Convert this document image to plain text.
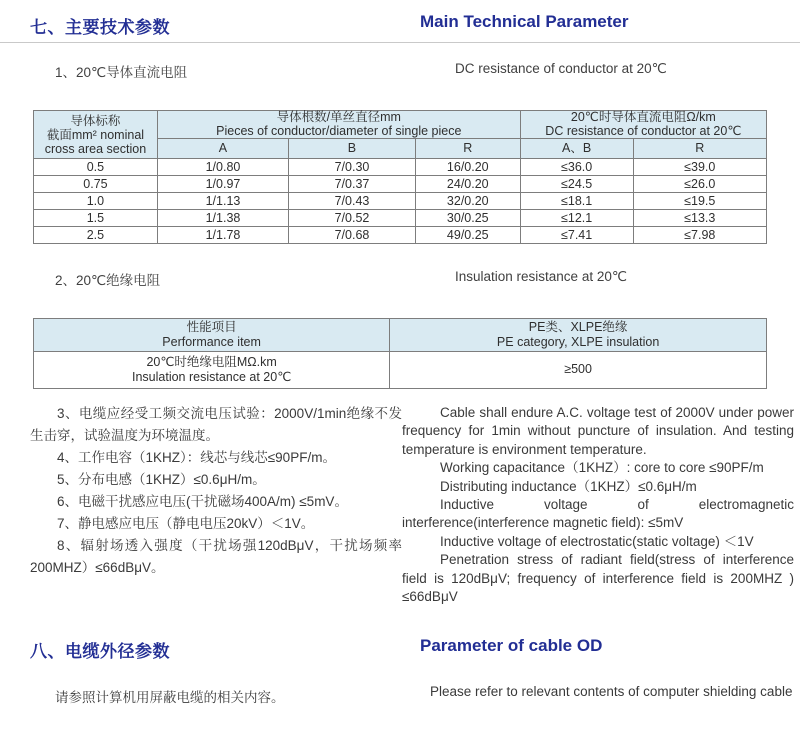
七、主要技术参数	Main Technical Parameter
1、20℃导体直流电阻	DC resistance of conductor at 20℃
导体标称
截面mm² nominal
cross area section

导体根数/单丝直径mm
Pieces of conductor/diameter of single piece

20℃时导体直流电阻Ω/km
DC resistance of conductor at 20℃

	A	B	R	A、B	R
0.5	1/0.80	7/0.30	16/0.20	≤36.0	≤39.0
0.75	1/0.97	7/0.37	24/0.20	≤24.5	≤26.0
1.0	1/1.13	7/0.43	32/0.20	≤18.1	≤19.5
1.5	1/1.38	7/0.52	30/0.25	≤12.1	≤13.3
2.5	1/1.78	7/0.68	49/0.25	≤7.41	≤7.98
2、20℃绝缘电阻	Insulation resistance at 20℃
性能项目
Performance item

PE类、XLPE绝缘
PE category, XLPE insulation

20℃时绝缘电阻MΩ.km
Insulation resistance at 20℃	≥500

3、电缆应经受工频交流电压试验：2000V/1min绝缘不发生击穿，试验温度为环境温度。

4、工作电容（1KHZ）：线芯与线芯≤90PF/m。

5、分布电感（1KHZ）≤0.6μH/m。

6、电磁干扰感应电压(干扰磁场400A/m) ≤5mV。

7、静电感应电压（静电电压20kV）＜1V。

8、辐射场透入强度（干扰场强120dBμV，干扰场频率200MHZ）≤66dBμV。

Cable shall endure A.C. voltage test of 2000V under power frequency for 1min without puncture of insulation. And testing temperature is environment temperature.

Working capacitance（1KHZ）: core to core ≤90PF/m

Distributing inductance（1KHZ）≤0.6μH/m

Inductive voltage of electromagnetic interference(interference magnetic field): ≤5mV

Inductive voltage of electrostatic(static voltage) ＜1V

Penetration stress of radiant field(stress of interference field is 120dBμV; frequency of interference field is 200MHZ ) ≤66dBμV

八、电缆外径参数	Parameter of cable OD
请参照计算机用屏蔽电缆的相关内容。	Please refer to relevant contents of computer shielding cable
